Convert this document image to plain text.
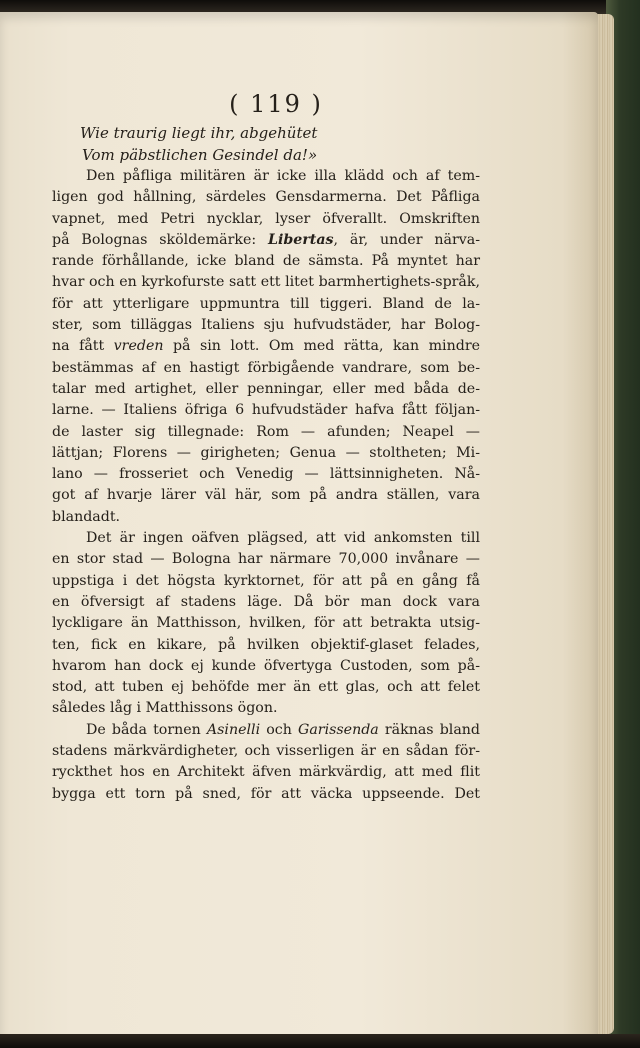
( 119 )
Wie traurig liegt ihr, abgehütet
Vom päbstlichen Gesindel da!»
Den påfliga militären är icke illa klädd och af tem-
ligen god hållning, särdeles Gensdarmerna. Det Påfliga
vapnet, med Petri nycklar, lyser öfverallt. Omskriften
på Bolognas sköldemärke: Libertas, är, under närva-
rande förhållande, icke bland de sämsta. På myntet har
hvar och en kyrkofurste satt ett litet barmhertighets-språk,
för att ytterligare uppmuntra till tiggeri. Bland de la-
ster, som tilläggas Italiens sju hufvudstäder, har Bolog-
na fått vreden på sin lott. Om med rätta, kan mindre
bestämmas af en hastigt förbigående vandrare, som be-
talar med artighet, eller penningar, eller med båda de-
larne. — Italiens öfriga 6 hufvudstäder hafva fått följan-
de laster sig tillegnade: Rom — afunden; Neapel —
lättjan; Florens — girigheten; Genua — stoltheten; Mi-
lano — frosseriet och Venedig — lättsinnigheten. Nå-
got af hvarje lärer väl här, som på andra ställen, vara
blandadt.
Det är ingen oäfven plägsed, att vid ankomsten till
en stor stad — Bologna har närmare 70,000 invånare —
uppstiga i det högsta kyrktornet, för att på en gång få
en öfversigt af stadens läge. Då bör man dock vara
lyckligare än Matthisson, hvilken, för att betrakta utsig-
ten, fick en kikare, på hvilken objektif-glaset felades,
hvarom han dock ej kunde öfvertyga Custoden, som på-
stod, att tuben ej behöfde mer än ett glas, och att felet
således låg i Matthissons ögon.
De båda tornen Asinelli och Garissenda räknas bland
stadens märkvärdigheter, och visserligen är en sådan för-
ryckthet hos en Architekt äfven märkvärdig, att med flit
bygga ett torn på sned, för att väcka uppseende. Det
